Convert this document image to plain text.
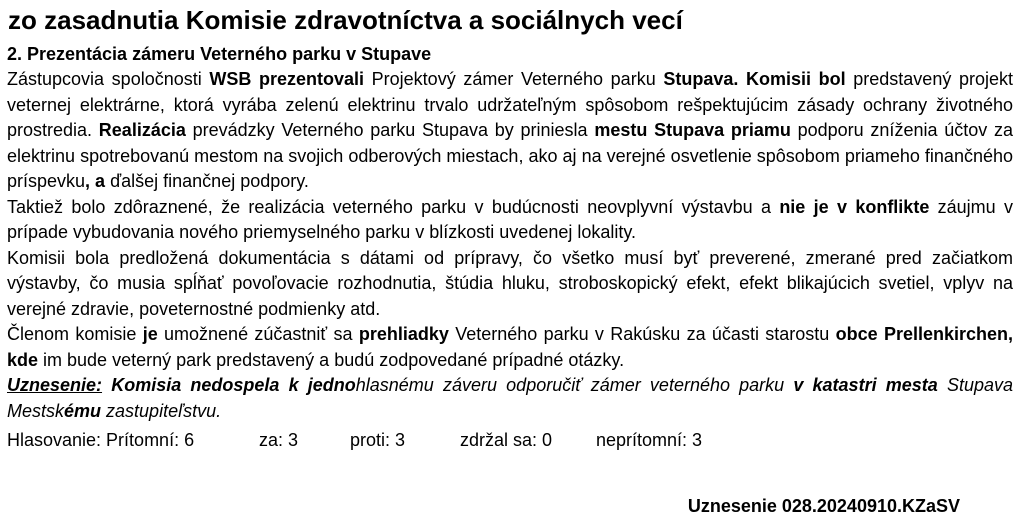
zo zasadnutia Komisie zdravotníctva a sociálnych vecí
2. Prezentácia zámeru Veterného parku v Stupave

Zástupcovia spoločnosti WSB prezentovali Projektový zámer Veterného parku Stupava. Komisii bol predstavený projekt veternej elektrárne, ktorá vyrába zelenú elektrinu trvalo udržateľným spôsobom rešpektujúcim zásady ochrany životného prostredia. Realizácia prevádzky Veterného parku Stupava by priniesla mestu Stupava priamu podporu zníženia účtov za elektrinu spotrebovanú mestom na svojich odberových miestach, ako aj na verejné osvetlenie spôsobom priameho finančného príspevku, a ďalšej finančnej podpory.

Taktiež bolo zdôraznené, že realizácia veterného parku v budúcnosti neovplyvní výstavbu a nie je v konflikte záujmu v prípade vybudovania nového priemyselného parku v blízkosti uvedenej lokality.

Komisii bola predložená dokumentácia s dátami od prípravy, čo všetko musí byť preverené, zmerané pred začiatkom výstavby, čo musia spĺňať povoľovacie rozhodnutia, štúdia hluku, stroboskopický efekt, efekt blikajúcich svetiel, vplyv na verejné zdravie, poveternostné podmienky atd.

Členom komisie je umožnené zúčastniť sa prehliadky Veterného parku v Rakúsku za účasti starostu obce Prellenkirchen, kde im bude veterný park predstavený a budú zodpovedané prípadné otázky.

Uznesenie: Komisia nedospela k jednohlasnému záveru odporučiť zámer veterného parku v katastri mesta Stupava Mestskému zastupiteľstvu.

Hlasovanie: Prítomní: 6	za: 3	proti: 3	zdržal sa: 0 neprítomní: 3
Uznesenie 028.20240910.KZaSV
